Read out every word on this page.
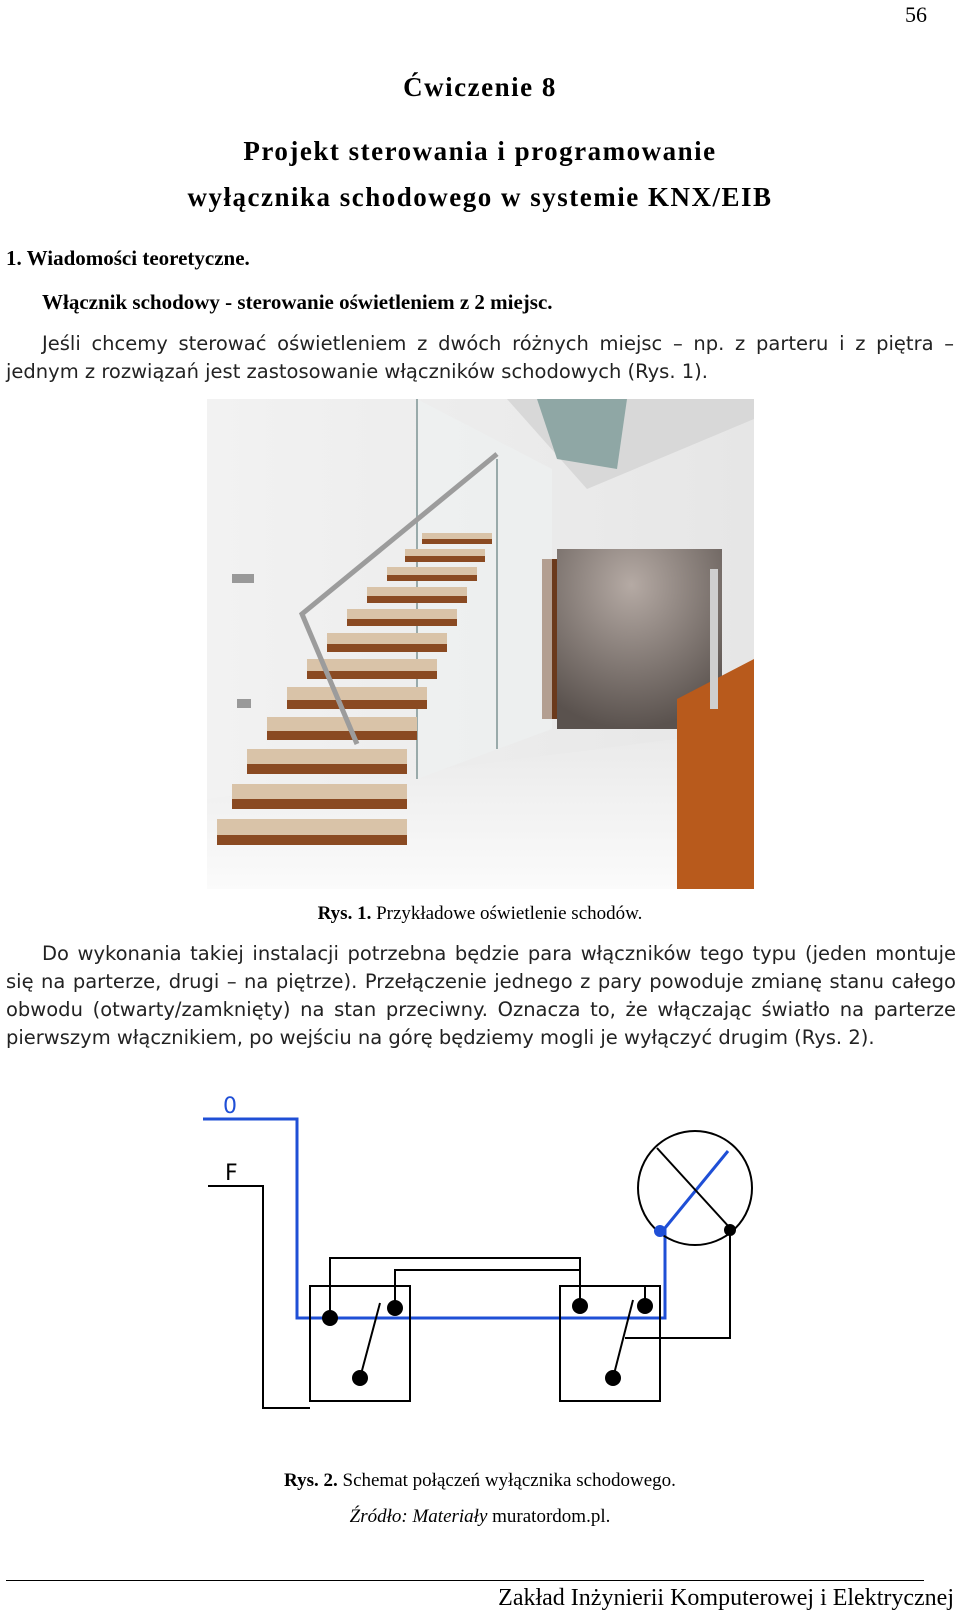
56
Ćwiczenie 8
Projekt sterowania i programowanie
wyłącznika schodowego w systemie KNX/EIB
1. Wiadomości teoretyczne.
Włącznik schodowy - sterowanie oświetleniem z 2 miejsc.
Jeśli chcemy sterować oświetleniem z dwóch różnych miejsc – np. z parteru i z piętra – jednym z rozwiązań jest zastosowanie włączników schodowych (Rys. 1).
Rys. 1. Przykładowe oświetlenie schodów.
Do wykonania takiej instalacji potrzebna będzie para włączników tego typu (jeden montuje się na parterze, drugi – na piętrze). Przełączenie jednego z pary powoduje zmianę stanu całego obwodu (otwarty/zamknięty) na stan przeciwny. Oznacza to, że włączając światło na parterze pierwszym włącznikiem, po wejściu na górę będziemy mogli je wyłączyć drugim (Rys. 2).
0
F
Rys. 2. Schemat połączeń wyłącznika schodowego.
Źródło: Materiały muratordom.pl.
Zakład Inżynierii Komputerowej i Elektrycznej
